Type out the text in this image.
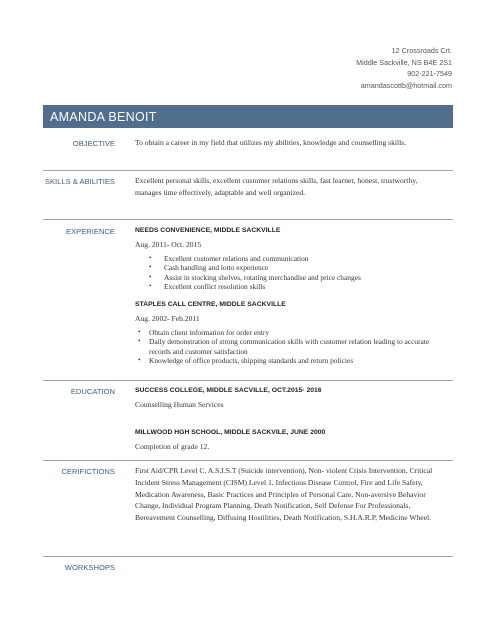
12 Crossroads Crt.
Middle Sackville, NS B4E 2S1
902-221-7549
amandascottb@hotmail.com
AMANDA BENOIT
OBJECTIVE	To obtain a career in my field that utilizes my abilities, knowledge and counselling skills.
SKILLS & ABILITIES	Excellent personal skills, excellent customer relations skills, fast learner, honest, trustworthy, manages time effectively, adaptable and well organized.
EXPERIENCE	NEEDS CONVENIENCE, MIDDLE SACKVILLE
Aug. 2011- Oct. 2015
• Excellent customer relations and communication
• Cash handling and lotto experience
• Assist in stocking shelves, rotating merchandise and price changes
• Excellent conflict resolution skills
STAPLES CALL CENTRE, MIDDLE SACKVILLE
Aug. 2002- Feb.2011
• Obtain client information for order entry
• Daily demonstration of strong communication skills with customer relation leading to accurate records and customer satisfaction
• Knowledge of office products, shipping standards and return policies
EDUCATION	SUCCESS COLLEGE, MIDDLE SACVILLE, OCT.2015- 2016
Counselling Human Services
MILLWOOD HGH SCHOOL, MIDDLE SACKVILE, JUNE 2000
Completion of grade 12.
CERIFICTIONS	First Aid/CPR Level C, A.S.I.S.T (Suicide intervention), Non- violent Crisis Intervention, Critical Incident Stress Management (CISM) Level 1, Infectious Disease Control, Fire and Life Safety, Medication Awareness, Basic Practices and Principles of Personal Care, Non-aversive Behavior Change, Individual Program Planning, Death Notification, Self Defense For Professionals, Bereavement Counselling, Diffusing Hostilities, Death Notification, S.H.A.R.P, Medicine Wheel.
WORKSHOPS
